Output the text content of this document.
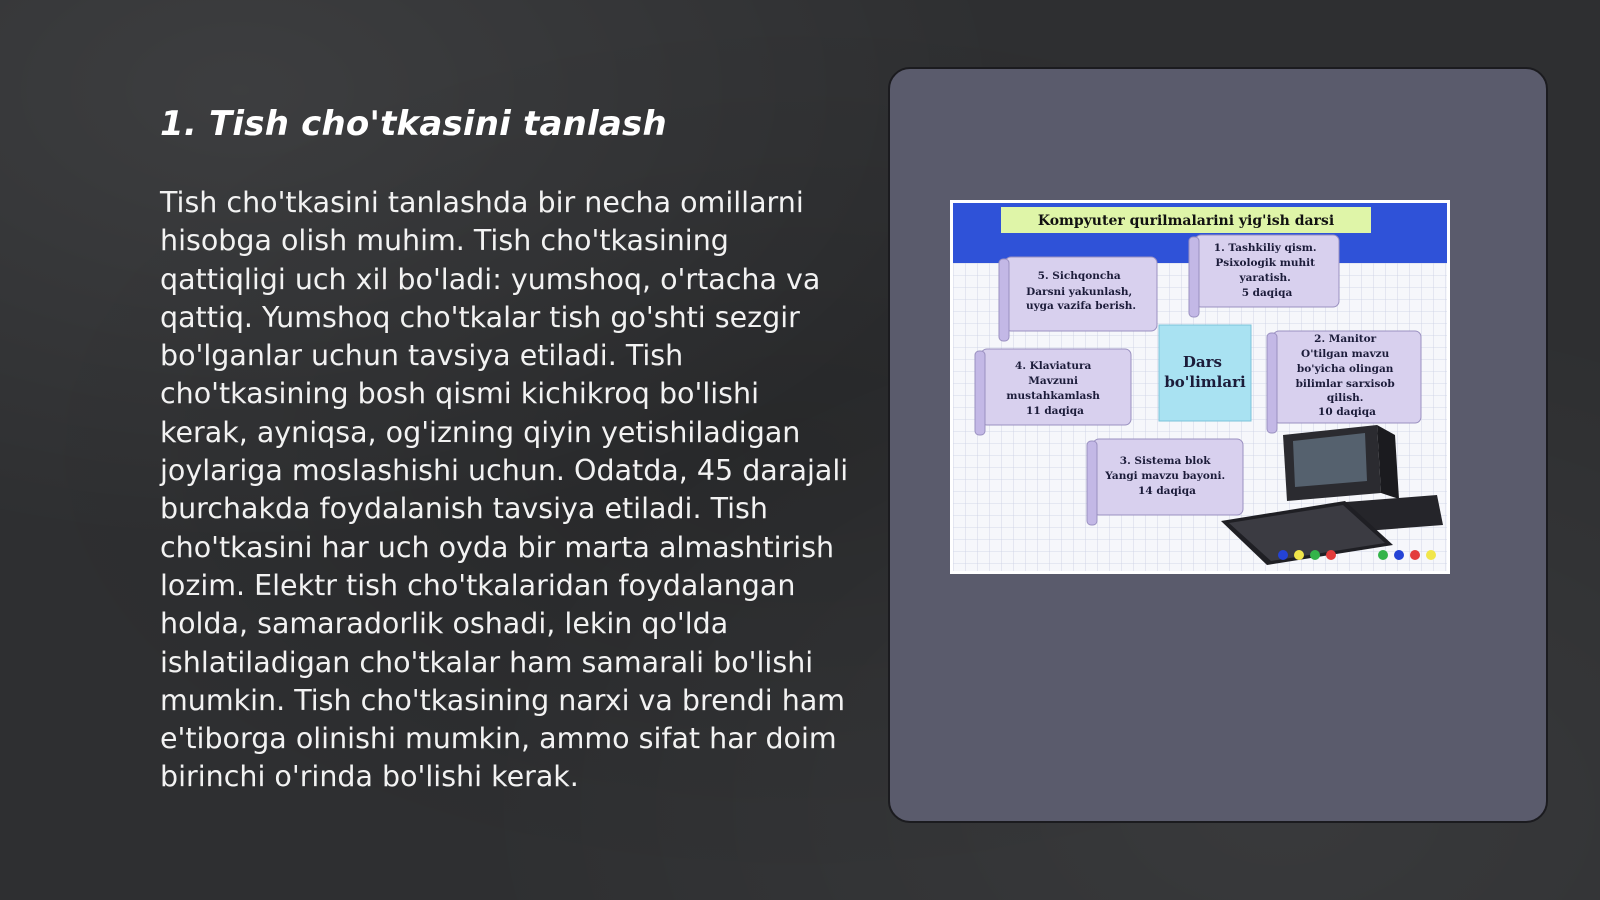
1. Tish cho'tkasini tanlash

Tish cho'tkasini tanlashda bir necha omillarni hisobga olish muhim. Tish cho'tkasining qattiqligi uch xil bo'ladi: yumshoq, o'rtacha va qattiq. Yumshoq cho'tkalar tish go'shti sezgir bo'lganlar uchun tavsiya etiladi. Tish cho'tkasining bosh qismi kichikroq bo'lishi kerak, ayniqsa, og'izning qiyin yetishiladigan joylariga moslashishi uchun. Odatda, 45 darajali burchakda foydalanish tavsiya etiladi. Tish cho'tkasini har uch oyda bir marta almashtirish lozim. Elektr tish cho'tkalaridan foydalangan holda, samaradorlik oshadi, lekin qo'lda ishlatiladigan cho'tkalar ham samarali bo'lishi mumkin. Tish cho'tkasining narxi va brendi ham e'tiborga olinishi mumkin, ammo sifat har doim birinchi o'rinda bo'lishi kerak.

Kompyuter qurilmalarini yig'ish darsi
5. Sichqoncha Darsni yakunlash, uyga vazifa berish.
1. Tashkiliy qism. Psixologik muhit yaratish. 5 daqiqa
Dars bo'limlari
4. Klaviatura Mavzuni mustahkamlash 11 daqiqa
2. Manitor O'tilgan mavzu bo'yicha olingan bilimlar sarxisob qilish. 10 daqiqa
3. Sistema blok Yangi mavzu bayoni. 14 daqiqa
